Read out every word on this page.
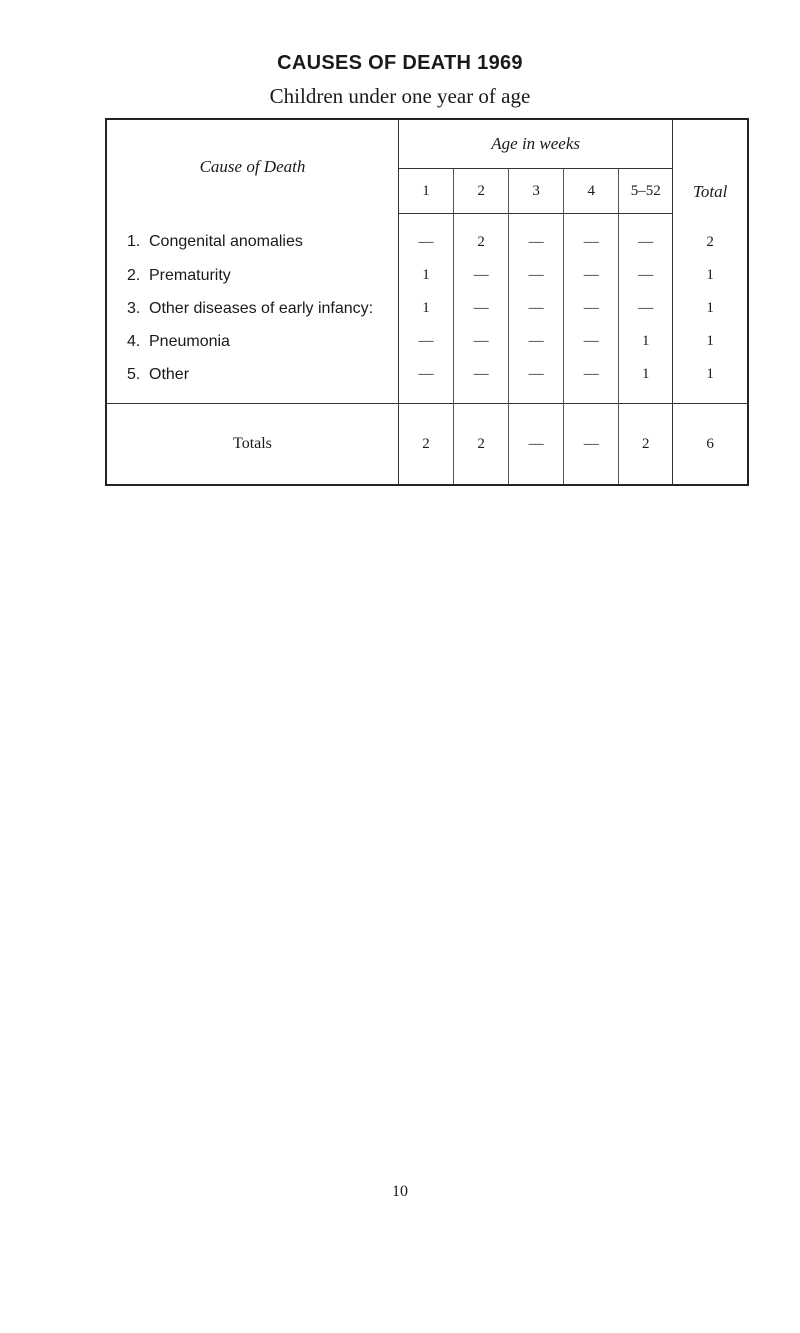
CAUSES OF DEATH 1969
Children under one year of age
Cause of Death	Age in weeks					Total
	1	2	3	4	5–52	
1. Congenital anomalies	—	2	—	—	—	2
2. Prematurity	1	—	—	—	—	1
3. Other diseases of early infancy:	1	—	—	—	—	1
4. Pneumonia	—	—	—	—	1	1
5. Other	—	—	—	—	1	1
Totals	2	2	—	—	2	6
10
